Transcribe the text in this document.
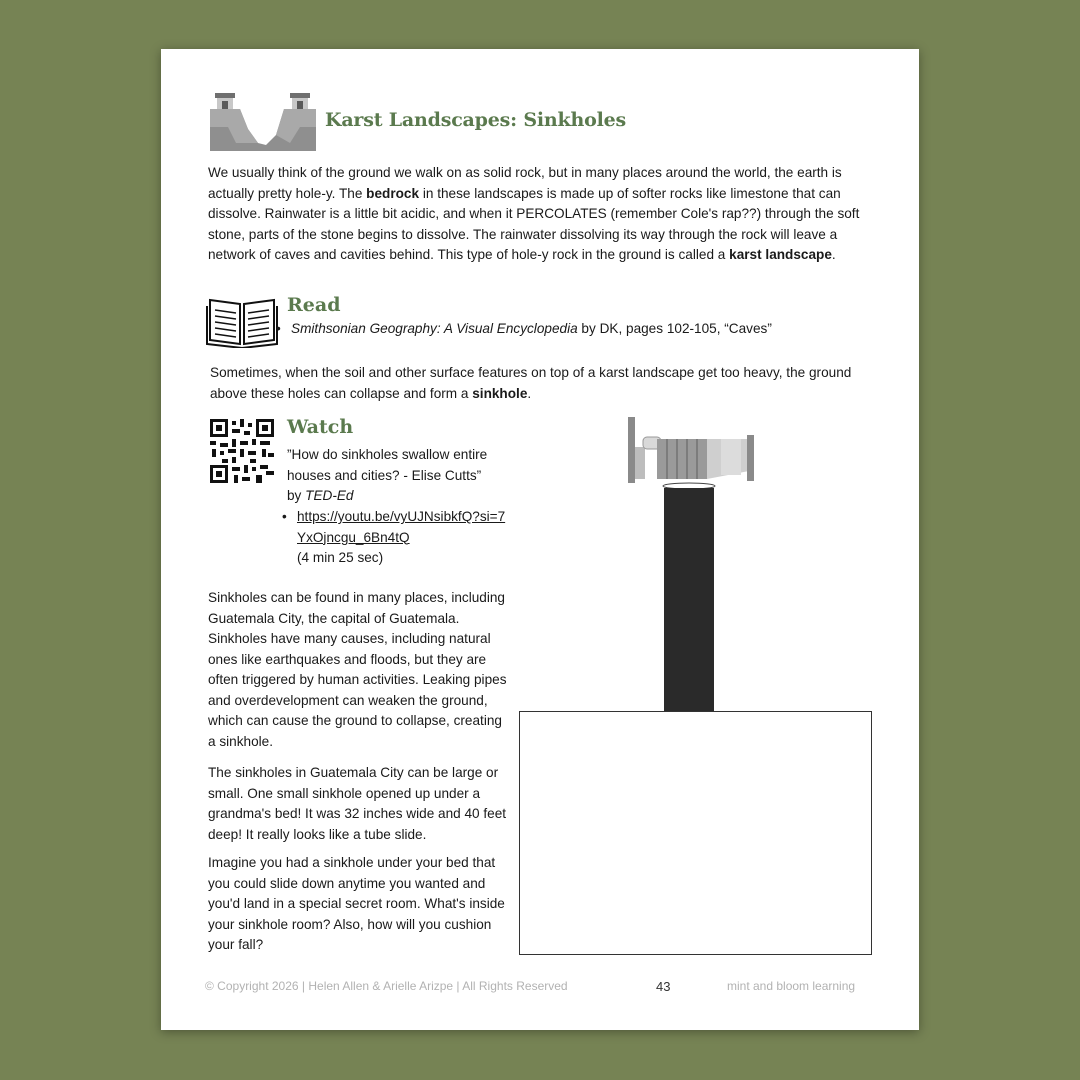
Karst Landscapes: Sinkholes
We usually think of the ground we walk on as solid rock, but in many places around the world, the earth is actually pretty hole-y. The bedrock in these landscapes is made up of softer rocks like limestone that can dissolve. Rainwater is a little bit acidic, and when it PERCOLATES (remember Cole's rap??) through the soft stone, parts of the stone begins to dissolve. The rainwater dissolving its way through the rock will leave a network of caves and cavities behind. This type of hole-y rock in the ground is called a karst landscape.
Read
• Smithsonian Geography: A Visual Encyclopedia by DK, pages 102-105, “Caves”
Sometimes, when the soil and other surface features on top of a karst landscape get too heavy, the ground above these holes can collapse and form a sinkhole.
Watch
”How do sinkholes swallow entire houses and cities? - Elise Cutts” by TED-Ed
• https://youtu.be/vyUJNsibkfQ?si=7YxOjncgu_6Bn4tQ
(4 min 25 sec)
Sinkholes can be found in many places, including Guatemala City, the capital of Guatemala. Sinkholes have many causes, including natural ones like earthquakes and floods, but they are often triggered by human activities. Leaking pipes and overdevelopment can weaken the ground, which can cause the ground to collapse, creating a sinkhole.
The sinkholes in Guatemala City can be large or small. One small sinkhole opened up under a grandma's bed! It was 32 inches wide and 40 feet deep! It really looks like a tube slide.
Imagine you had a sinkhole under your bed that you could slide down anytime you wanted and you'd land in a special secret room. What's inside your sinkhole room? Also, how will you cushion your fall?
© Copyright 2026 | Helen Allen & Arielle Arizpe | All Rights Reserved	43	mint and bloom learning
